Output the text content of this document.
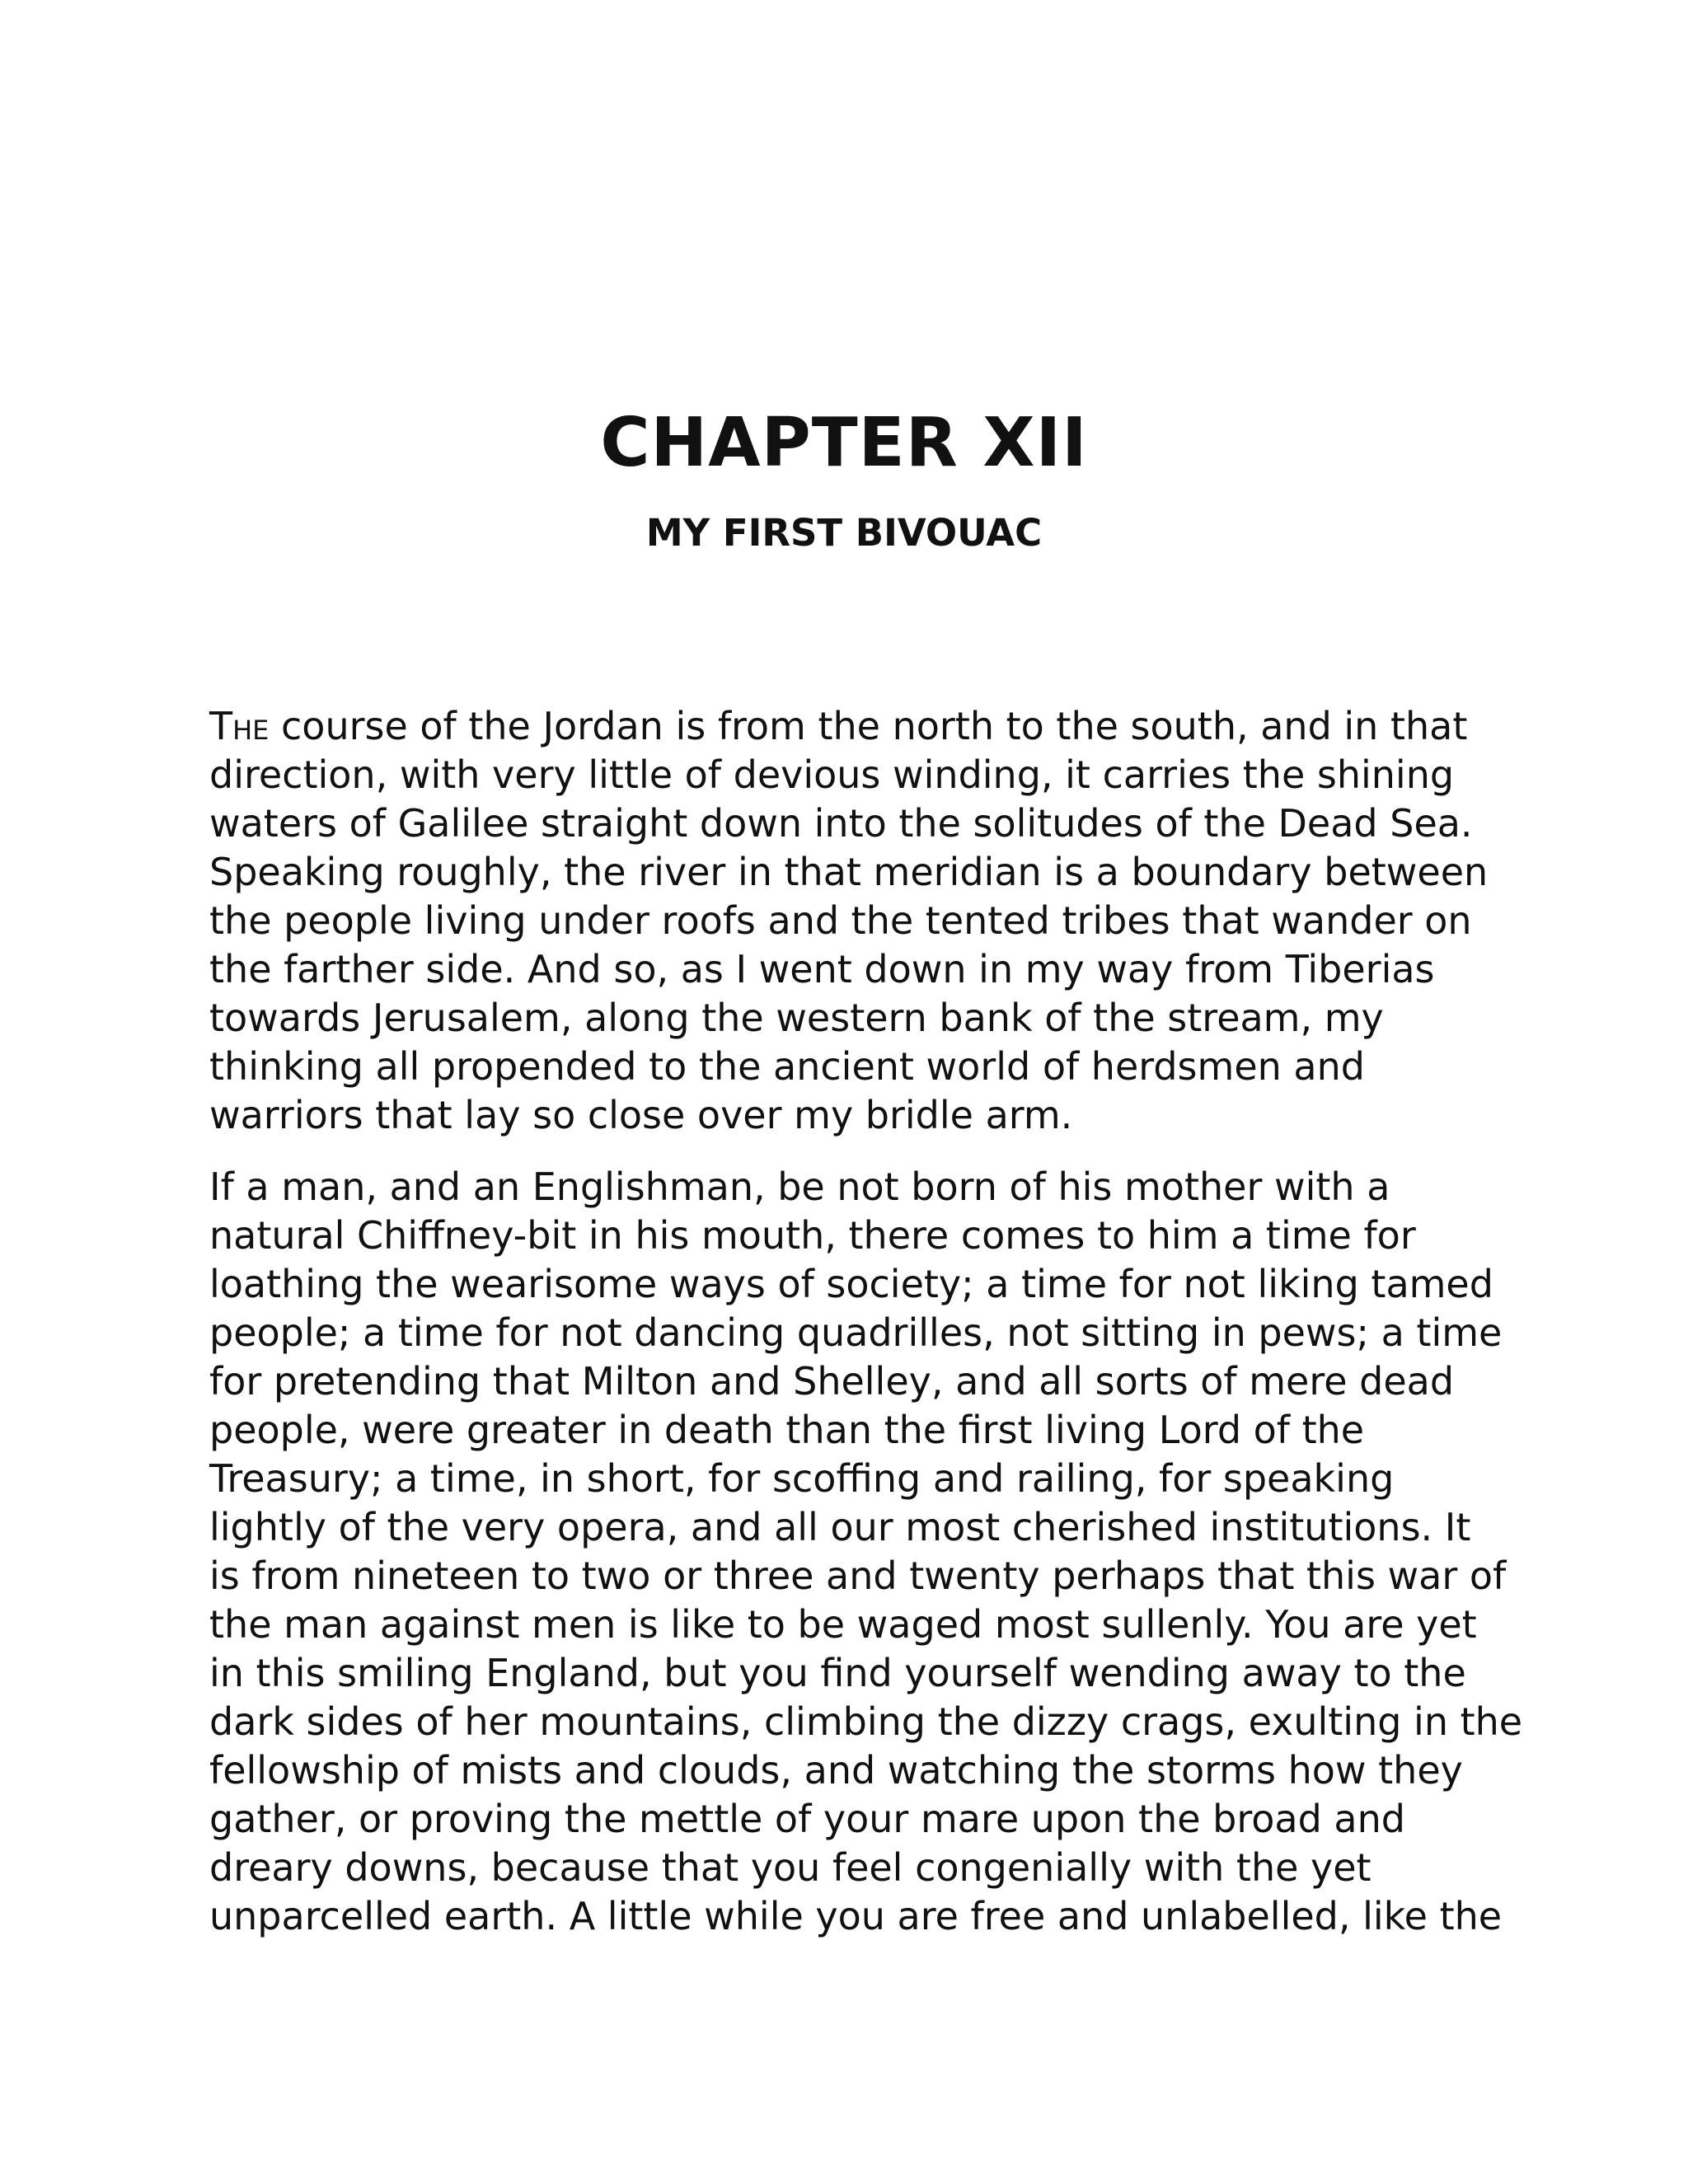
CHAPTER XII
MY FIRST BIVOUAC

The course of the Jordan is from the north to the south, and in that
direction, with very little of devious winding, it carries the shining
waters of Galilee straight down into the solitudes of the Dead Sea.
Speaking roughly, the river in that meridian is a boundary between
the people living under roofs and the tented tribes that wander on
the farther side. And so, as I went down in my way from Tiberias
towards Jerusalem, along the western bank of the stream, my
thinking all propended to the ancient world of herdsmen and
warriors that lay so close over my bridle arm.

If a man, and an Englishman, be not born of his mother with a
natural Chiffney-bit in his mouth, there comes to him a time for
loathing the wearisome ways of society; a time for not liking tamed
people; a time for not dancing quadrilles, not sitting in pews; a time
for pretending that Milton and Shelley, and all sorts of mere dead
people, were greater in death than the first living Lord of the
Treasury; a time, in short, for scoffing and railing, for speaking
lightly of the very opera, and all our most cherished institutions. It
is from nineteen to two or three and twenty perhaps that this war of
the man against men is like to be waged most sullenly. You are yet
in this smiling England, but you find yourself wending away to the
dark sides of her mountains, climbing the dizzy crags, exulting in the
fellowship of mists and clouds, and watching the storms how they
gather, or proving the mettle of your mare upon the broad and
dreary downs, because that you feel congenially with the yet
unparcelled earth. A little while you are free and unlabelled, like the
